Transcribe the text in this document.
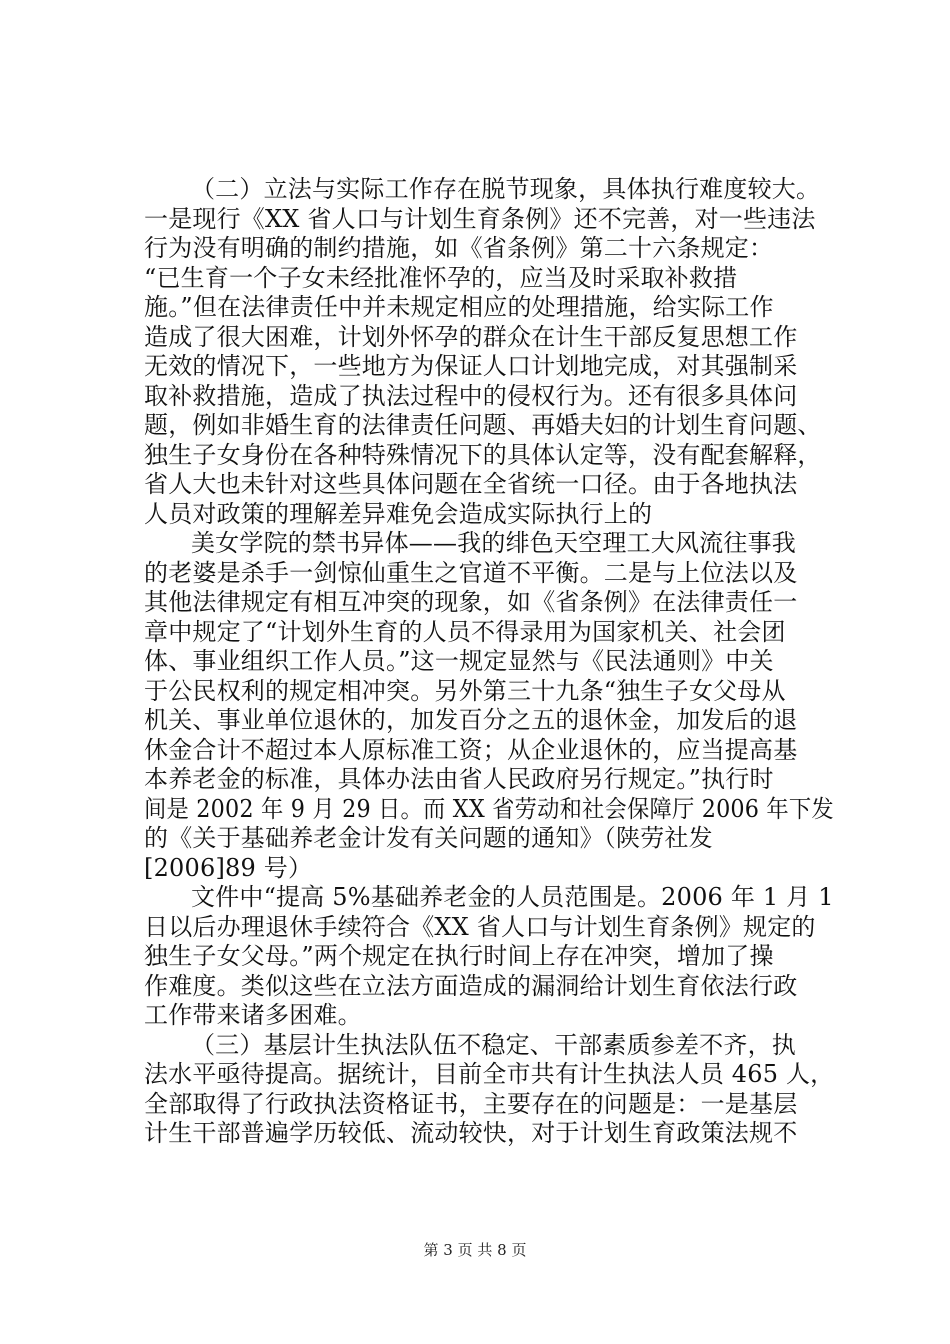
（二）立法与实际工作存在脱节现象，具体执行难度较大。
一是现行《XX 省人口与计划生育条例》还不完善，对一些违法
行为没有明确的制约措施，如《省条例》第二十六条规定：
“已生育一个子女未经批准怀孕的，应当及时采取补救措
施。”但在法律责任中并未规定相应的处理措施，给实际工作
造成了很大困难，计划外怀孕的群众在计生干部反复思想工作
无效的情况下，一些地方为保证人口计划地完成，对其强制采
取补救措施，造成了执法过程中的侵权行为。还有很多具体问
题，例如非婚生育的法律责任问题、再婚夫妇的计划生育问题、
独生子女身份在各种特殊情况下的具体认定等，没有配套解释，
省人大也未针对这些具体问题在全省统一口径。由于各地执法
人员对政策的理解差异难免会造成实际执行上的
美女学院的禁书异体——我的绯色天空理工大风流往事我
的老婆是杀手一剑惊仙重生之官道不平衡。二是与上位法以及
其他法律规定有相互冲突的现象，如《省条例》在法律责任一
章中规定了“计划外生育的人员不得录用为国家机关、社会团
体、事业组织工作人员。”这一规定显然与《民法通则》中关
于公民权利的规定相冲突。另外第三十九条“独生子女父母从
机关、事业单位退休的，加发百分之五的退休金，加发后的退
休金合计不超过本人原标准工资；从企业退休的，应当提高基
本养老金的标准，具体办法由省人民政府另行规定。”执行时
间是 2002 年 9 月 29 日。而 XX 省劳动和社会保障厅 2006 年下发
的《关于基础养老金计发有关问题的通知》（陕劳社发
[2006]89 号）
文件中“提高 5%基础养老金的人员范围是。2006 年 1 月 1
日以后办理退休手续符合《XX 省人口与计划生育条例》规定的
独生子女父母。”两个规定在执行时间上存在冲突，增加了操
作难度。类似这些在立法方面造成的漏洞给计划生育依法行政
工作带来诸多困难。
（三）基层计生执法队伍不稳定、干部素质参差不齐，执
法水平亟待提高。据统计，目前全市共有计生执法人员 465 人，
全部取得了行政执法资格证书，主要存在的问题是：一是基层
计生干部普遍学历较低、流动较快，对于计划生育政策法规不
第 3 页 共 8 页
